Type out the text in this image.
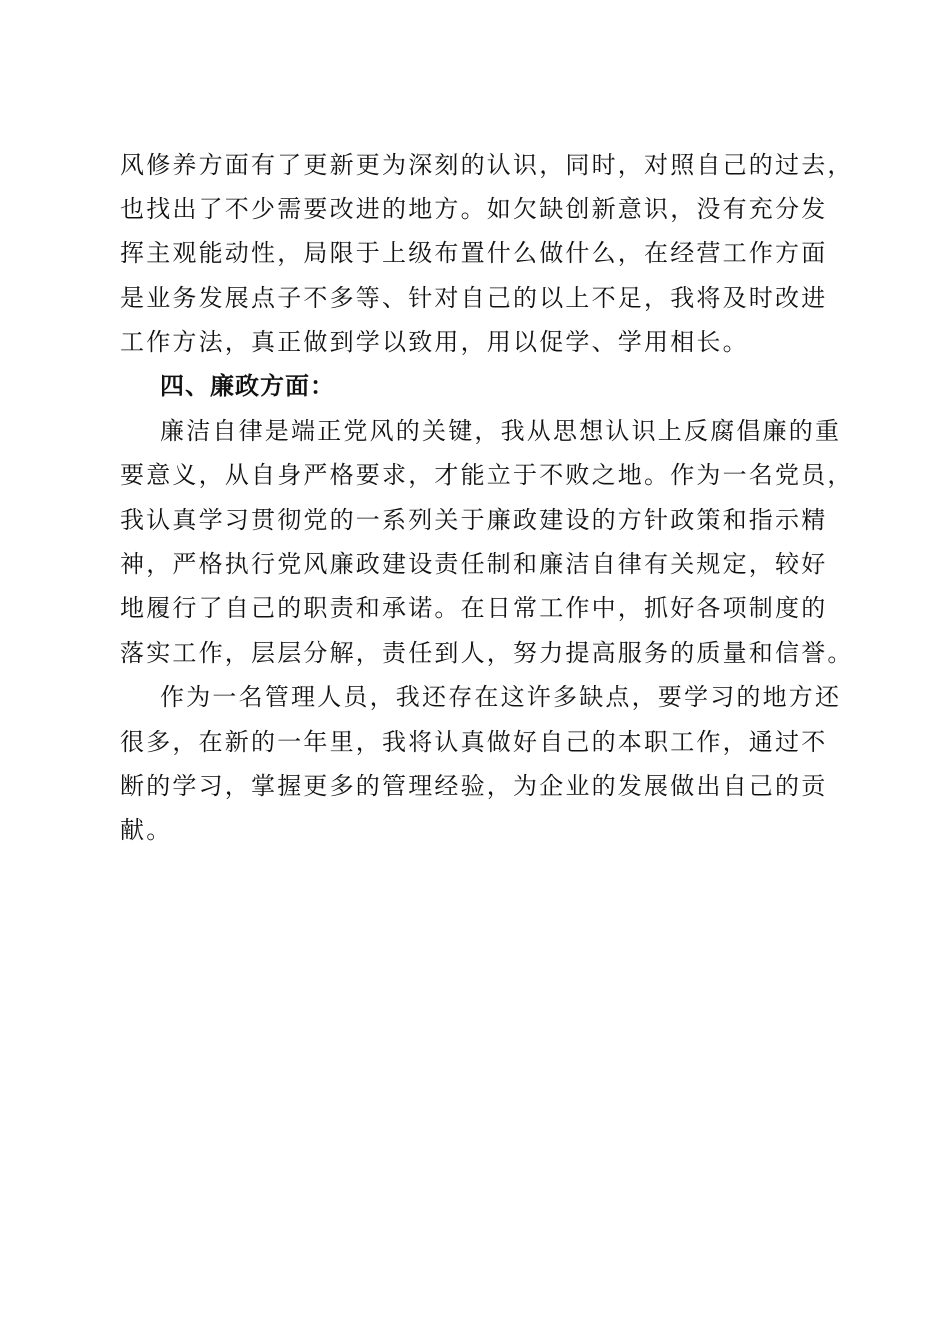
风修养方面有了更新更为深刻的认识，同时，对照自己的过去，
也找出了不少需要改进的地方。如欠缺创新意识，没有充分发
挥主观能动性，局限于上级布置什么做什么，在经营工作方面
是业务发展点子不多等、针对自己的以上不足，我将及时改进
工作方法，真正做到学以致用，用以促学、学用相长。
四、廉政方面：
廉洁自律是端正党风的关键，我从思想认识上反腐倡廉的重
要意义，从自身严格要求，才能立于不败之地。作为一名党员，
我认真学习贯彻党的一系列关于廉政建设的方针政策和指示精
神，严格执行党风廉政建设责任制和廉洁自律有关规定，较好
地履行了自己的职责和承诺。在日常工作中，抓好各项制度的
落实工作，层层分解，责任到人，努力提高服务的质量和信誉。
作为一名管理人员，我还存在这许多缺点，要学习的地方还
很多，在新的一年里，我将认真做好自己的本职工作，通过不
断的学习，掌握更多的管理经验，为企业的发展做出自己的贡
献。
